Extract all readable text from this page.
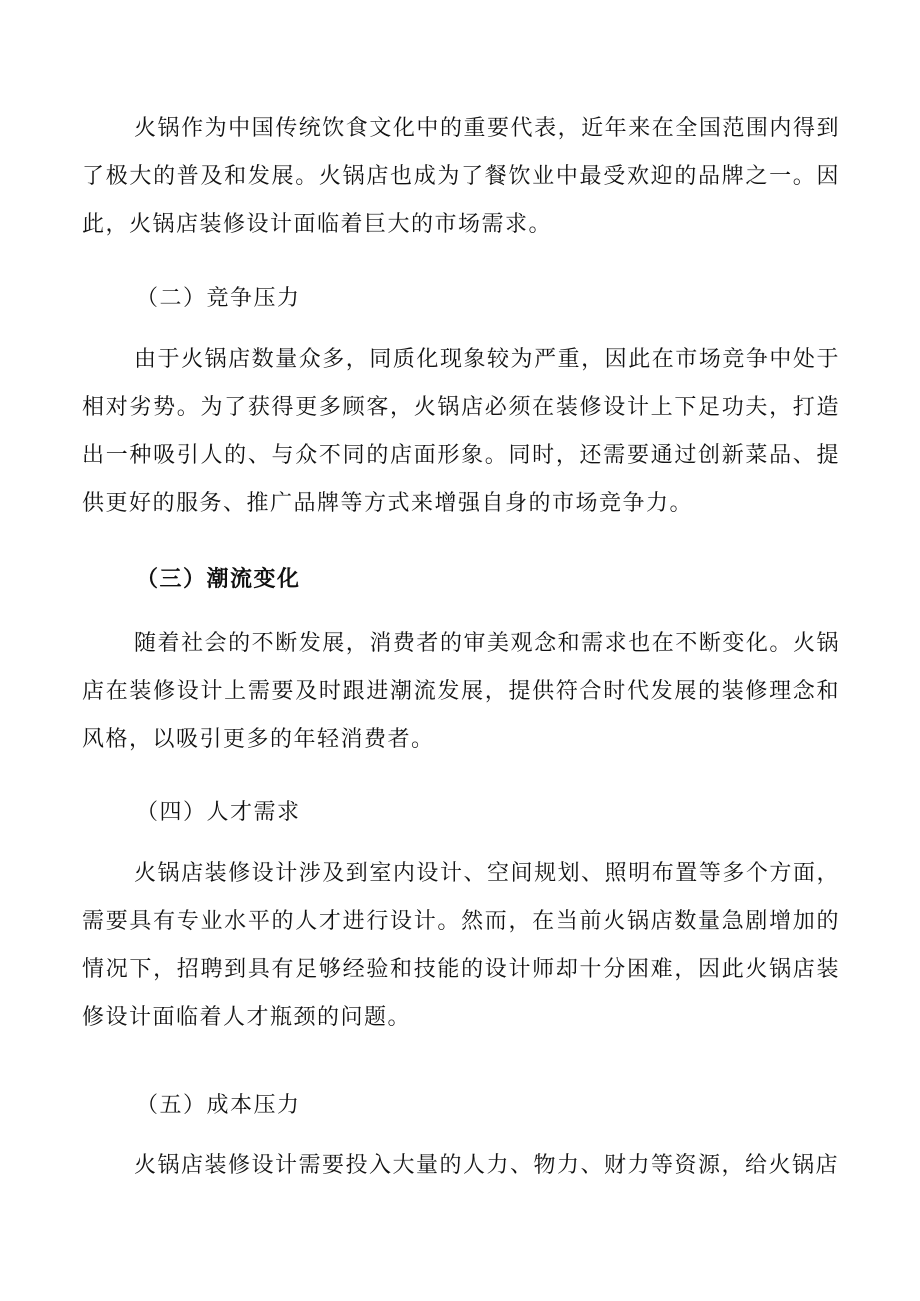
火锅作为中国传统饮食文化中的重要代表，近年来在全国范围内得到了极大的普及和发展。火锅店也成为了餐饮业中最受欢迎的品牌之一。因此，火锅店装修设计面临着巨大的市场需求。

（二）竞争压力

由于火锅店数量众多，同质化现象较为严重，因此在市场竞争中处于相对劣势。为了获得更多顾客，火锅店必须在装修设计上下足功夫，打造出一种吸引人的、与众不同的店面形象。同时，还需要通过创新菜品、提供更好的服务、推广品牌等方式来增强自身的市场竞争力。

（三）潮流变化

随着社会的不断发展，消费者的审美观念和需求也在不断变化。火锅店在装修设计上需要及时跟进潮流发展，提供符合时代发展的装修理念和风格，以吸引更多的年轻消费者。

（四）人才需求

火锅店装修设计涉及到室内设计、空间规划、照明布置等多个方面，需要具有专业水平的人才进行设计。然而，在当前火锅店数量急剧增加的情况下，招聘到具有足够经验和技能的设计师却十分困难，因此火锅店装修设计面临着人才瓶颈的问题。

（五）成本压力

火锅店装修设计需要投入大量的人力、物力、财力等资源，给火锅店
